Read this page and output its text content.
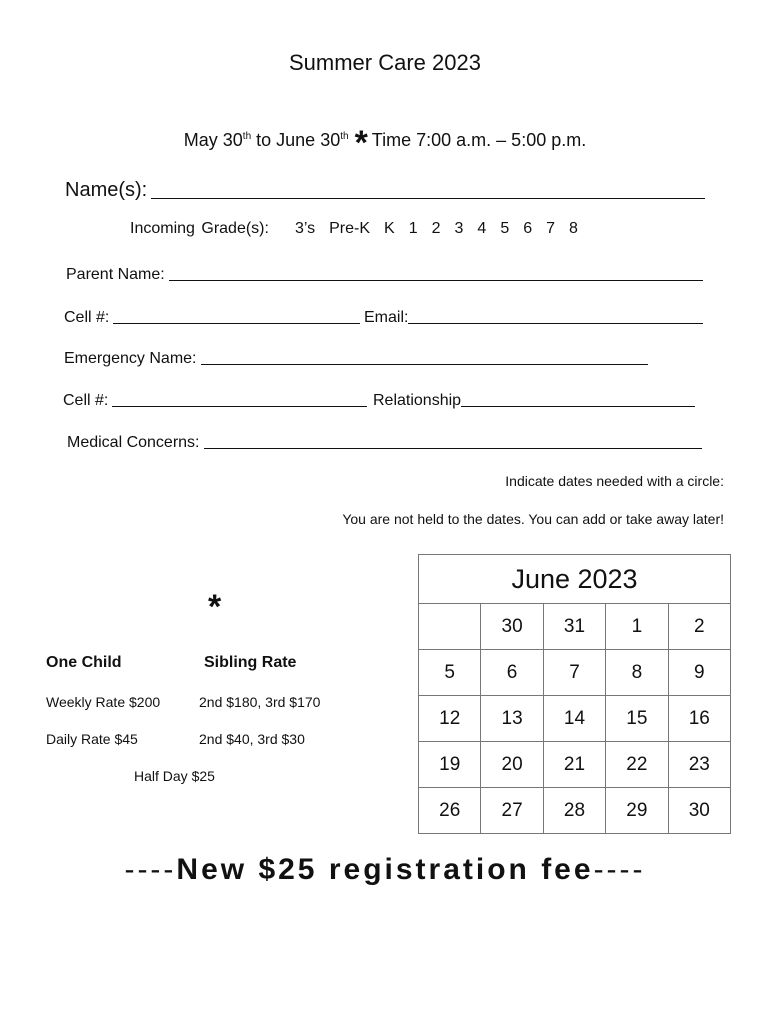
Summer Care 2023
May 30th to June 30th * Time 7:00 a.m. – 5:00 p.m.
Name(s):
Incoming Grade(s): 3’s Pre-K K 1 2 3 4 5 6 7 8
Parent Name:
Cell #:	Email:
Emergency Name:
Cell #:	Relationship
Medical Concerns:
Indicate dates needed with a circle:
You are not held to the dates. You can add or take away later!
*
One Child	Sibling Rate
Weekly Rate $200	2nd $180, 3rd $170
Daily Rate $45	2nd $40, 3rd $30
Half Day $25
June 2023				
	30	31	1	2
5	6	7	8	9
12	13	14	15	16
19	20	21	22	23
26	27	28	29	30
----New $25 registration fee----
